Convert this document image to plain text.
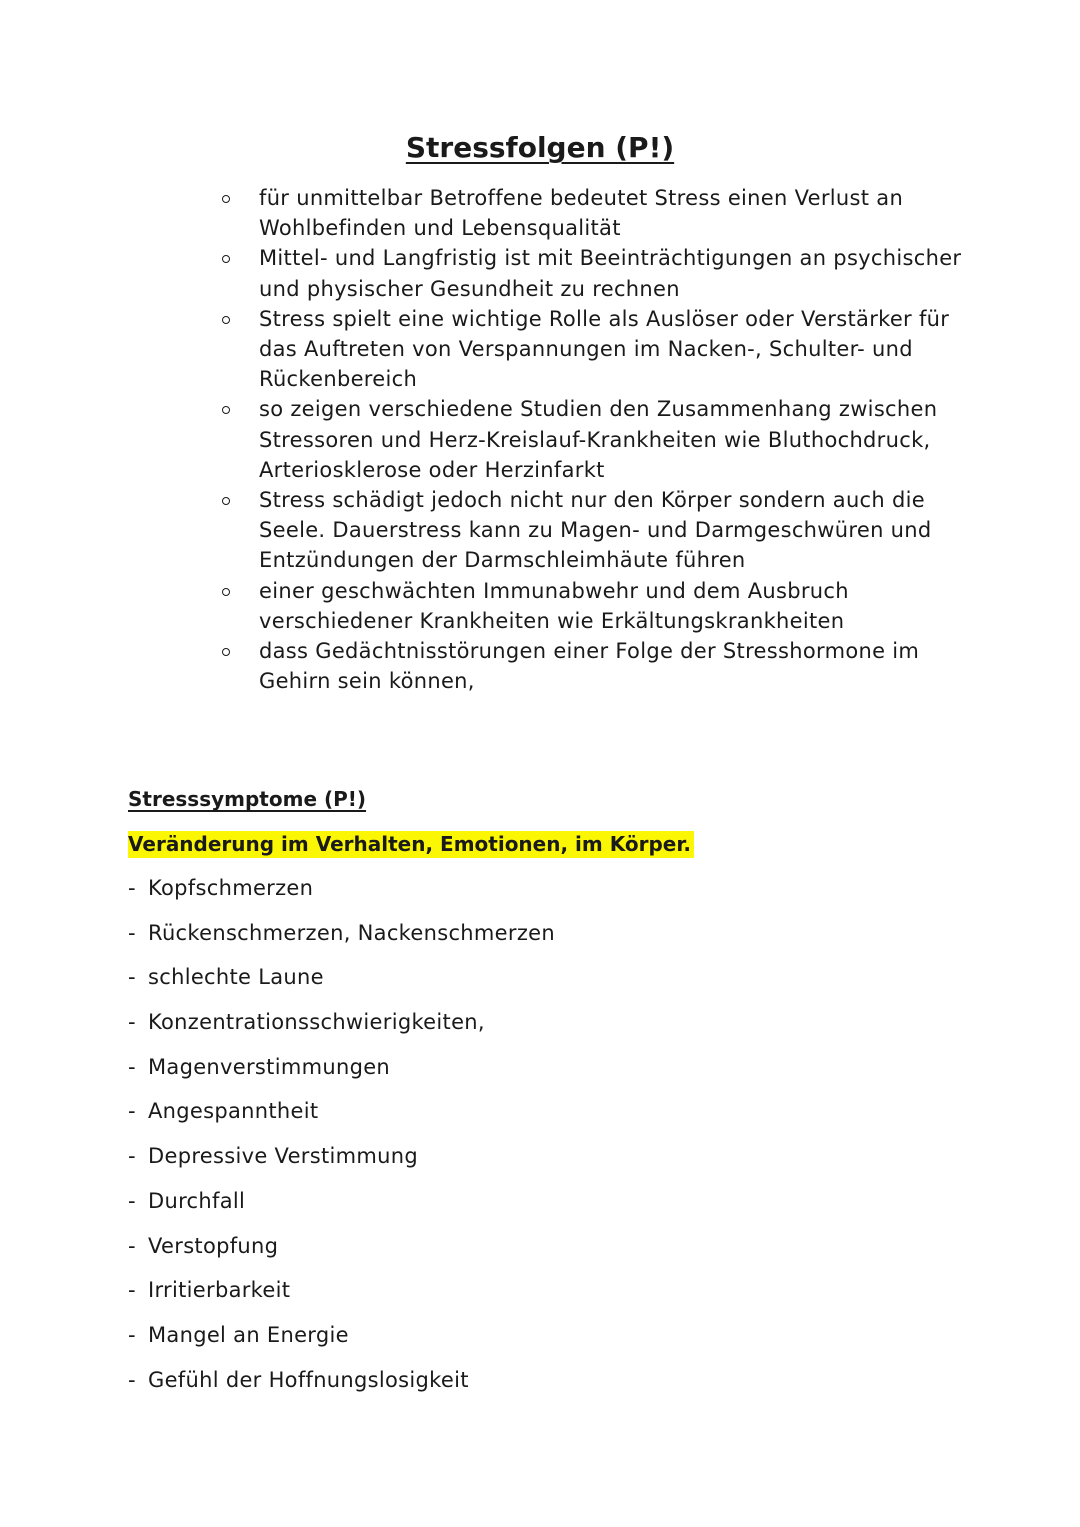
Stressfolgen (P!)
für unmittelbar Betroffene bedeutet Stress einen Verlust an Wohlbefinden und Lebensqualität
Mittel- und Langfristig ist mit Beeinträchtigungen an psychischer und physischer Gesundheit zu rechnen
Stress spielt eine wichtige Rolle als Auslöser oder Verstärker für das Auftreten von Verspannungen im Nacken-, Schulter- und Rückenbereich
so zeigen verschiedene Studien den Zusammenhang zwischen Stressoren und Herz-Kreislauf-Krankheiten wie Bluthochdruck, Arteriosklerose oder Herzinfarkt
Stress schädigt jedoch nicht nur den Körper sondern auch die Seele. Dauerstress kann zu Magen- und Darmgeschwüren und Entzündungen der Darmschleimhäute führen
einer geschwächten Immunabwehr und dem Ausbruch verschiedener Krankheiten wie Erkältungskrankheiten
dass Gedächtnisstörungen einer Folge der Stresshormone im Gehirn sein können,
Stresssymptome (P!)

Veränderung im Verhalten, Emotionen, im Körper.

- Kopfschmerzen
- Rückenschmerzen, Nackenschmerzen
- schlechte Laune
- Konzentrationsschwierigkeiten,
- Magenverstimmungen
- Angespanntheit
- Depressive Verstimmung
- Durchfall
- Verstopfung
- Irritierbarkeit
- Mangel an Energie
- Gefühl der Hoffnungslosigkeit
